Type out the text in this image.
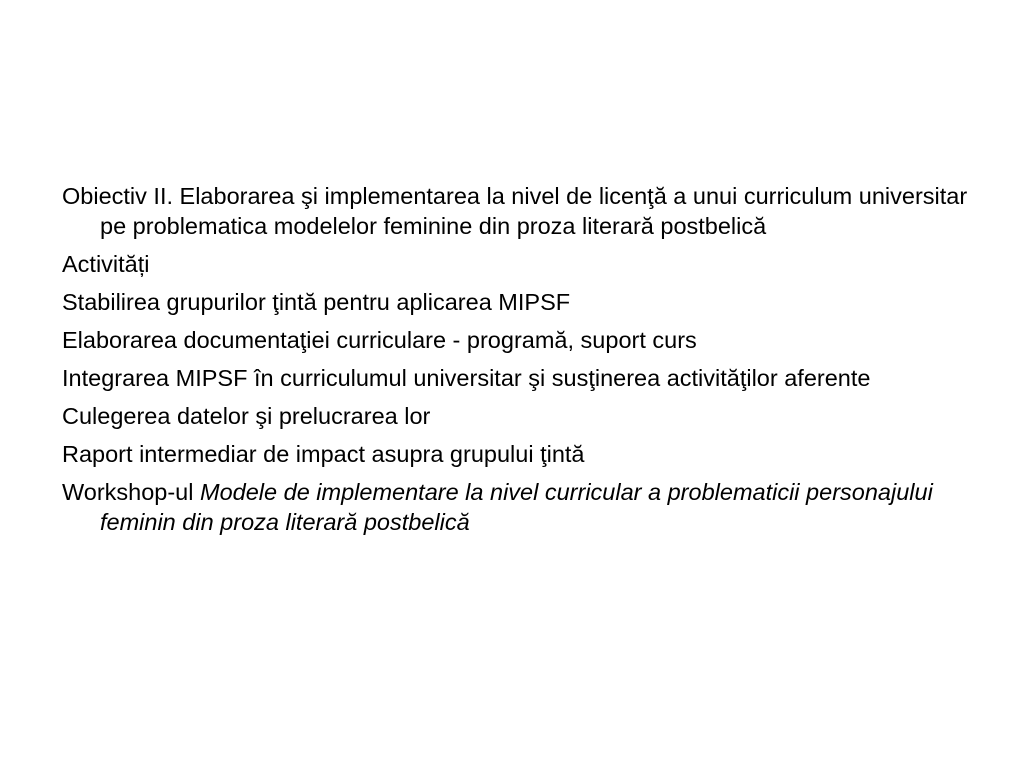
Obiectiv II. Elaborarea şi implementarea la nivel de licenţă a unui curriculum universitar pe problematica modelelor feminine din proza literară postbelică

Activități

Stabilirea grupurilor ţintă pentru aplicarea MIPSF

Elaborarea documentaţiei curriculare - programă, suport curs

Integrarea MIPSF în curriculumul universitar şi susţinerea activităţilor aferente

Culegerea datelor şi prelucrarea lor

Raport intermediar de impact asupra grupului ţintă

Workshop-ul Modele de implementare la nivel curricular a problematicii personajului feminin din proza literară postbelică
